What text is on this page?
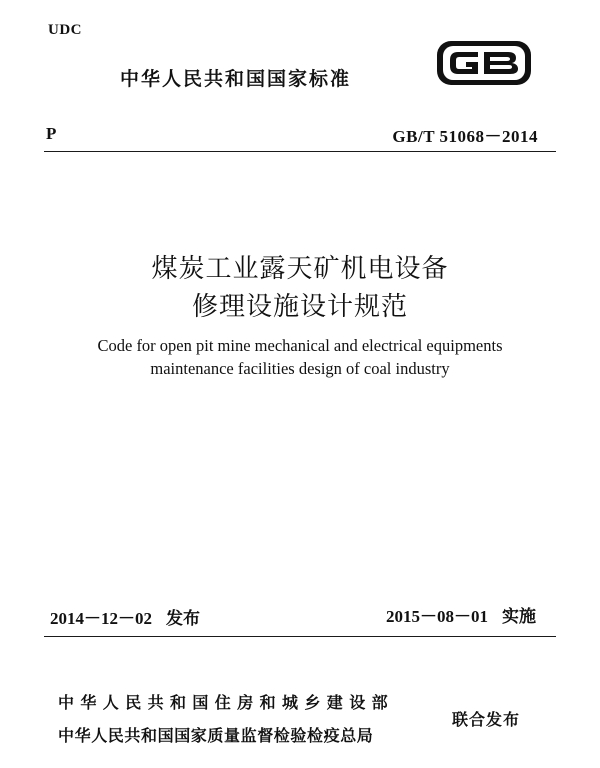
UDC
中华人民共和国国家标准
P	GB/T 51068－2014
煤炭工业露天矿机电设备
修理设施设计规范
Code for open pit mine mechanical and electrical equipments
maintenance facilities design of coal industry
2014－12－02 发布	2015－08－01 实施
中华人民共和国住房和城乡建设部
中华人民共和国国家质量监督检验检疫总局
联合发布
